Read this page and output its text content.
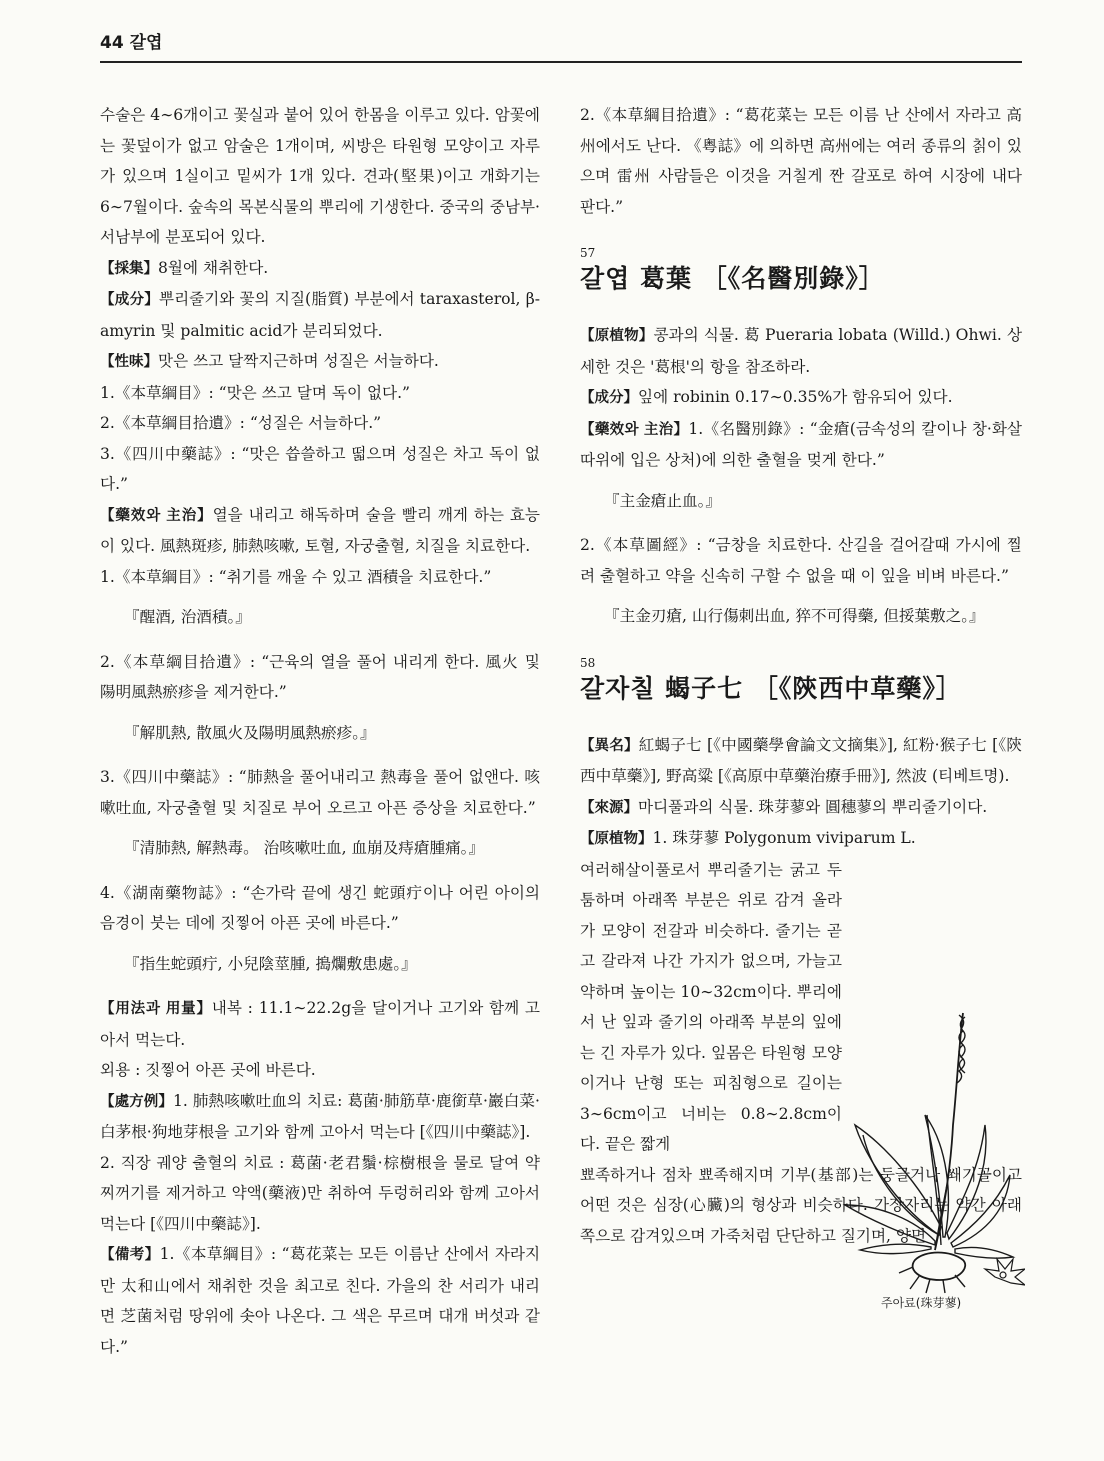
44 갈엽

수술은 4∼6개이고 꽃실과 붙어 있어 한몸을 이루고 있다. 암꽃에는 꽃덮이가 없고 암술은 1개이며, 씨방은 타원형 모양이고 자루가 있으며 1실이고 밑씨가 1개 있다. 견과(堅果)이고 개화기는 6∼7월이다. 숲속의 목본식물의 뿌리에 기생한다. 중국의 중남부·서남부에 분포되어 있다.

【採集】8월에 채취한다.

【成分】뿌리줄기와 꽃의 지질(脂質) 부분에서 taraxasterol, β-amyrin 및 palmitic acid가 분리되었다.

【性味】맛은 쓰고 달짝지근하며 성질은 서늘하다.

1.《本草綱目》: “맛은 쓰고 달며 독이 없다.”

2.《本草綱目拾遺》: “성질은 서늘하다.”

3.《四川中藥誌》: “맛은 씁쓸하고 떫으며 성질은 차고 독이 없다.”

【藥效와 主治】열을 내리고 해독하며 술을 빨리 깨게 하는 효능이 있다. 風熱斑疹, 肺熱咳嗽, 토혈, 자궁출혈, 치질을 치료한다.

1.《本草綱目》: “취기를 깨울 수 있고 酒積을 치료한다.”

『醒酒, 治酒積。』

2.《本草綱目拾遺》: “근육의 열을 풀어 내리게 한다. 風火 및 陽明風熱瘀疹을 제거한다.”

『解肌熱, 散風火及陽明風熱瘀疹。』

3.《四川中藥誌》: “肺熱을 풀어내리고 熱毒을 풀어 없앤다. 咳嗽吐血, 자궁출혈 및 치질로 부어 오르고 아픈 증상을 치료한다.”

『清肺熱, 解熱毒。 治咳嗽吐血, 血崩及痔瘡腫痛。』

4.《湖南藥物誌》: “손가락 끝에 생긴 蛇頭疔이나 어린 아이의 음경이 붓는 데에 짓찧어 아픈 곳에 바른다.”

『指生蛇頭疔, 小兒陰莖腫, 搗爛敷患處。』

【用法과 用量】내복 : 11.1∼22.2g을 달이거나 고기와 함께 고아서 먹는다.

외용 : 짓찧어 아픈 곳에 바른다.

【處方例】1. 肺熱咳嗽吐血의 치료: 葛菌·肺筋草·鹿銜草·巖白菜·白茅根·狗地芽根을 고기와 함께 고아서 먹는다 [《四川中藥誌》].

2. 직장 궤양 출혈의 치료 : 葛菌·老君鬚·棕樹根을 물로 달여 약찌꺼기를 제거하고 약액(藥液)만 취하여 두렁허리와 함께 고아서 먹는다 [《四川中藥誌》].

【備考】1.《本草綱目》: “葛花菜는 모든 이름난 산에서 자라지만 太和山에서 채취한 것을 최고로 친다. 가을의 찬 서리가 내리면 芝菌처럼 땅위에 솟아 나온다. 그 색은 무르며 대개 버섯과 같다.”

2.《本草綱目拾遺》: “葛花菜는 모든 이름 난 산에서 자라고 高州에서도 난다. 《粤誌》에 의하면 高州에는 여러 종류의 칡이 있으며 雷州 사람들은 이것을 거칠게 짠 갈포로 하여 시장에 내다 판다.”

57

갈엽 葛葉 ［《名醫別錄》］

【原植物】콩과의 식물. 葛 Pueraria lobata (Willd.) Ohwi. 상세한 것은 '葛根'의 항을 참조하라.

【成分】잎에 robinin 0.17∼0.35%가 함유되어 있다.

【藥效와 主治】1.《名醫別錄》: “金瘡(금속성의 칼이나 창·화살 따위에 입은 상처)에 의한 출혈을 멎게 한다.”

『主金瘡止血。』

2.《本草圖經》: “금창을 치료한다. 산길을 걸어갈때 가시에 찔려 출혈하고 약을 신속히 구할 수 없을 때 이 잎을 비벼 바른다.”

『主金刃瘡, 山行傷刺出血, 猝不可得藥, 但挼葉敷之。』

58

갈자칠 蝎子七 ［《陝西中草藥》］

【異名】紅蝎子七 [《中國藥學會論文文摘集》], 紅粉·猴子七 [《陝西中草藥》], 野高粱 [《高原中草藥治療手冊》], 然波 (티베트명).

【來源】마디풀과의 식물. 珠芽蓼와 圓穗蓼의 뿌리줄기이다.

【原植物】1. 珠芽蓼 Polygonum viviparum L.

여러해살이풀로서 뿌리줄기는 굵고 두툼하며 아래쪽 부분은 위로 감겨 올라가 모양이 전갈과 비슷하다. 줄기는 곧고 갈라져 나간 가지가 없으며, 가늘고 약하며 높이는 10∼32cm이다. 뿌리에서 난 잎과 줄기의 아래쪽 부분의 잎에는 긴 자루가 있다. 잎몸은 타원형 모양이거나 난형 또는 피침형으로 길이는 3∼6cm이고 너비는 0.8∼2.8cm이다. 끝은 짧게

뾰족하거나 점차 뾰족해지며 기부(基部)는 둥글거나 쐐기꼴이고 어떤 것은 심장(心臟)의 형상과 비슷하다. 가장자리는 약간 아래쪽으로 감겨있으며 가죽처럼 단단하고 질기며, 양면

주아료(珠芽蓼)
